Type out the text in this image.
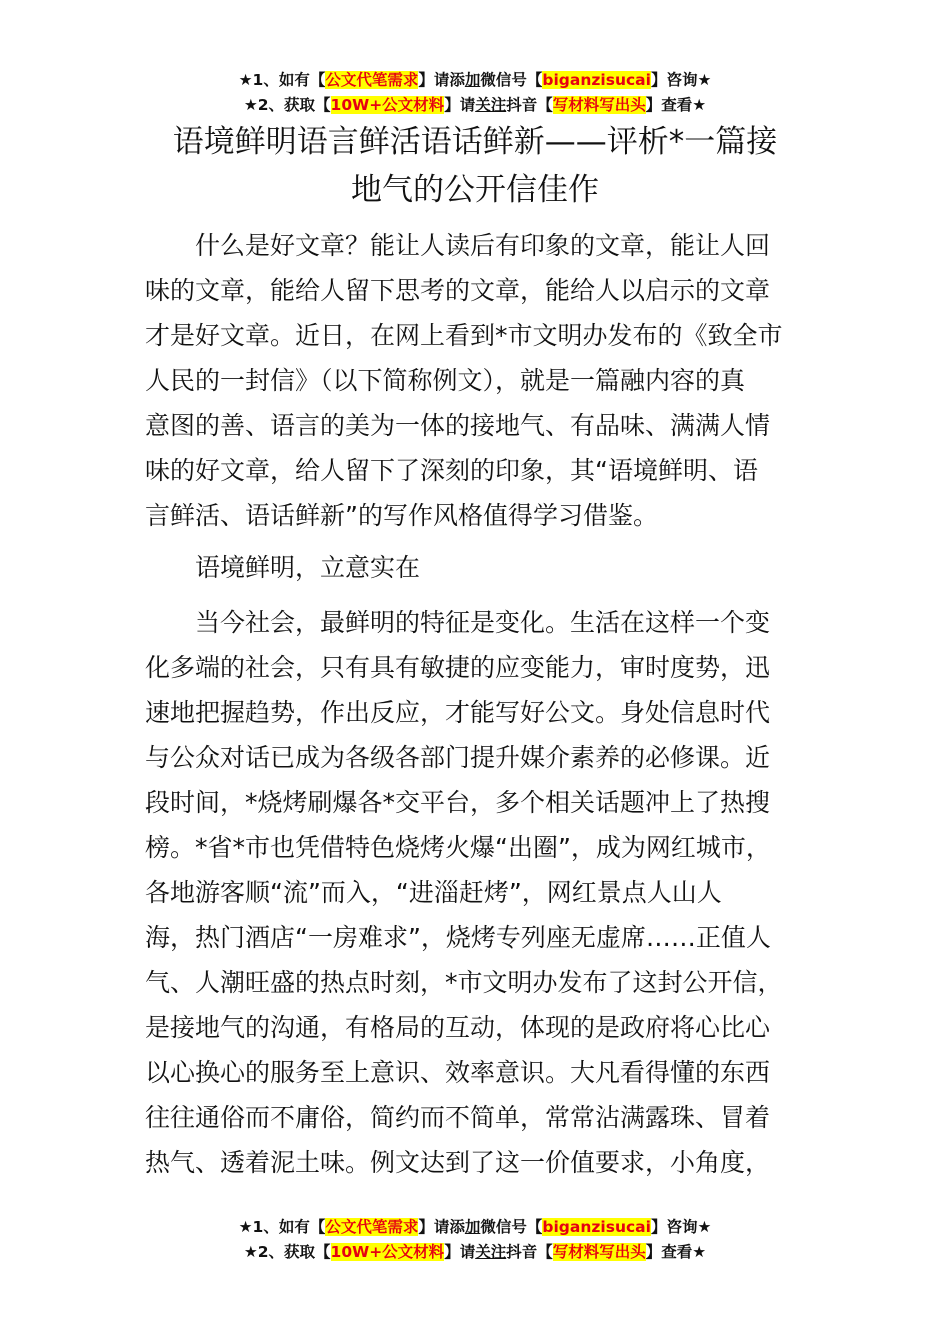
★1、如有【公文代笔需求】请添加微信号【biganzisucai】咨询★
★2、获取【10W+公文材料】请关注抖音【写材料写出头】查看★
语境鲜明语言鲜活语话鲜新——评析*一篇接
地气的公开信佳作
　　什么是好文章？能让人读后有印象的文章，能让人回
味的文章，能给人留下思考的文章，能给人以启示的文章
才是好文章。近日，在网上看到*市文明办发布的《致全市
人民的一封信》（以下简称例文），就是一篇融内容的真
意图的善、语言的美为一体的接地气、有品味、满满人情
味的好文章，给人留下了深刻的印象，其“语境鲜明、语
言鲜活、语话鲜新”的写作风格值得学习借鉴。
　　语境鲜明，立意实在
　　当今社会，最鲜明的特征是变化。生活在这样一个变
化多端的社会，只有具有敏捷的应变能力，审时度势，迅
速地把握趋势，作出反应，才能写好公文。身处信息时代
与公众对话已成为各级各部门提升媒介素养的必修课。近
段时间，*烧烤刷爆各*交平台，多个相关话题冲上了热搜
榜。*省*市也凭借特色烧烤火爆“出圈”，成为网红城市，
各地游客顺“流”而入，“进淄赶烤”，网红景点人山人
海，热门酒店“一房难求”，烧烤专列座无虚席……正值人
气、人潮旺盛的热点时刻，*市文明办发布了这封公开信，
是接地气的沟通，有格局的互动，体现的是政府将心比心
以心换心的服务至上意识、效率意识。大凡看得懂的东西
往往通俗而不庸俗，简约而不简单，常常沾满露珠、冒着
热气、透着泥土味。例文达到了这一价值要求，小角度，
★1、如有【公文代笔需求】请添加微信号【biganzisucai】咨询★
★2、获取【10W+公文材料】请关注抖音【写材料写出头】查看★
